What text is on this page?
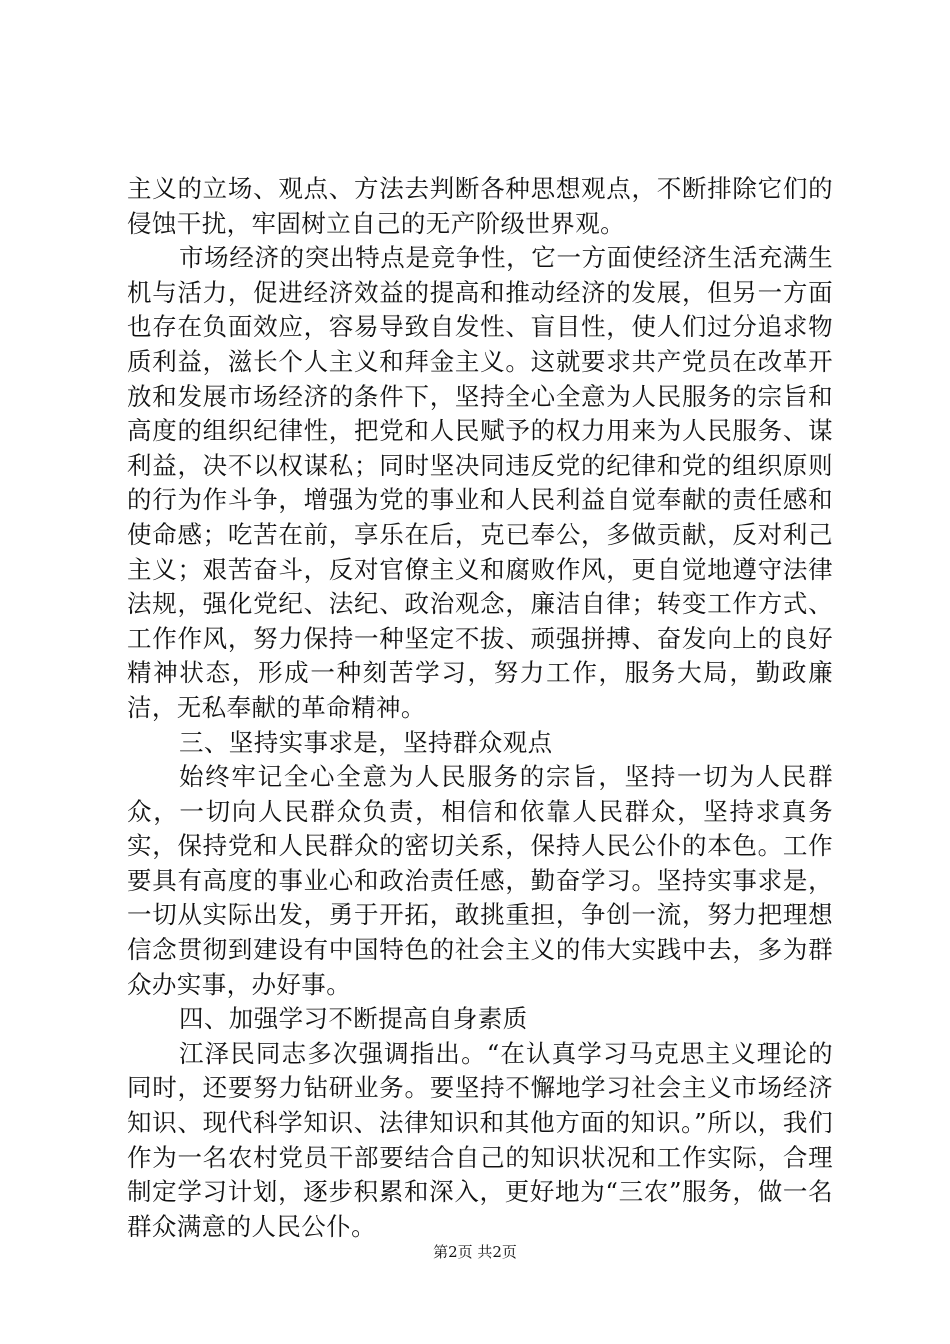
主义的立场、观点、方法去判断各种思想观点，不断排除它们的侵蚀干扰，牢固树立自己的无产阶级世界观。

市场经济的突出特点是竞争性，它一方面使经济生活充满生机与活力，促进经济效益的提高和推动经济的发展，但另一方面也存在负面效应，容易导致自发性、盲目性，使人们过分追求物质利益，滋长个人主义和拜金主义。这就要求共产党员在改革开放和发展市场经济的条件下，坚持全心全意为人民服务的宗旨和高度的组织纪律性，把党和人民赋予的权力用来为人民服务、谋利益，决不以权谋私；同时坚决同违反党的纪律和党的组织原则的行为作斗争，增强为党的事业和人民利益自觉奉献的责任感和使命感；吃苦在前，享乐在后，克已奉公，多做贡献，反对利己主义；艰苦奋斗，反对官僚主义和腐败作风，更自觉地遵守法律法规，强化党纪、法纪、政治观念，廉洁自律；转变工作方式、工作作风，努力保持一种坚定不拔、顽强拼搏、奋发向上的良好精神状态，形成一种刻苦学习，努力工作，服务大局，勤政廉洁，无私奉献的革命精神。

三、坚持实事求是，坚持群众观点

始终牢记全心全意为人民服务的宗旨，坚持一切为人民群众，一切向人民群众负责，相信和依靠人民群众，坚持求真务实，保持党和人民群众的密切关系，保持人民公仆的本色。工作要具有高度的事业心和政治责任感，勤奋学习。坚持实事求是，一切从实际出发，勇于开拓，敢挑重担，争创一流，努力把理想信念贯彻到建设有中国特色的社会主义的伟大实践中去，多为群众办实事，办好事。

四、加强学习不断提高自身素质

江泽民同志多次强调指出。“在认真学习马克思主义理论的同时，还要努力钻研业务。要坚持不懈地学习社会主义市场经济知识、现代科学知识、法律知识和其他方面的知识。”所以，我们作为一名农村党员干部要结合自己的知识状况和工作实际，合理制定学习计划，逐步积累和深入，更好地为“三农”服务，做一名群众满意的人民公仆。

第2页 共2页
